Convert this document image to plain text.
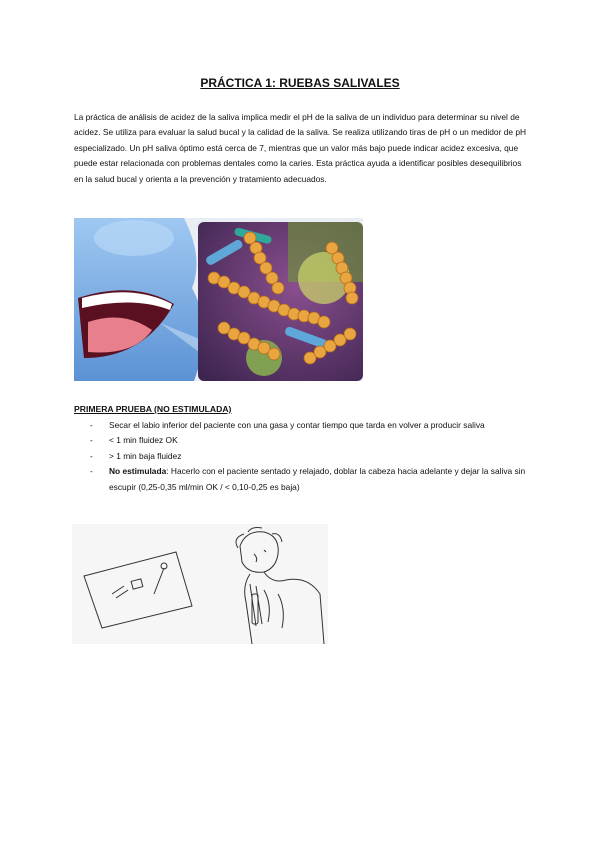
PRÁCTICA 1: RUEBAS SALIVALES

La práctica de análisis de acidez de la saliva implica medir el pH de la saliva de un individuo para determinar su nivel de acidez. Se utiliza para evaluar la salud bucal y la calidad de la saliva. Se realiza utilizando tiras de pH o un medidor de pH especializado. Un pH saliva óptimo está cerca de 7, mientras que un valor más bajo puede indicar acidez excesiva, que puede estar relacionada con problemas dentales como la caries. Esta práctica ayuda a identificar posibles desequilibrios en la salud bucal y orienta a la prevención y tratamiento adecuados.

PRIMERA PRUEBA (NO ESTIMULADA)
- Secar el labio inferior del paciente con una gasa y contar tiempo que tarda en volver a producir saliva
- < 1 min fluidez OK
- > 1 min baja fluidez
- No estimulada: Hacerlo con el paciente sentado y relajado, doblar la cabeza hacia adelante y dejar la saliva sin escupir (0,25-0,35 ml/min OK / < 0,10-0,25 es baja)
